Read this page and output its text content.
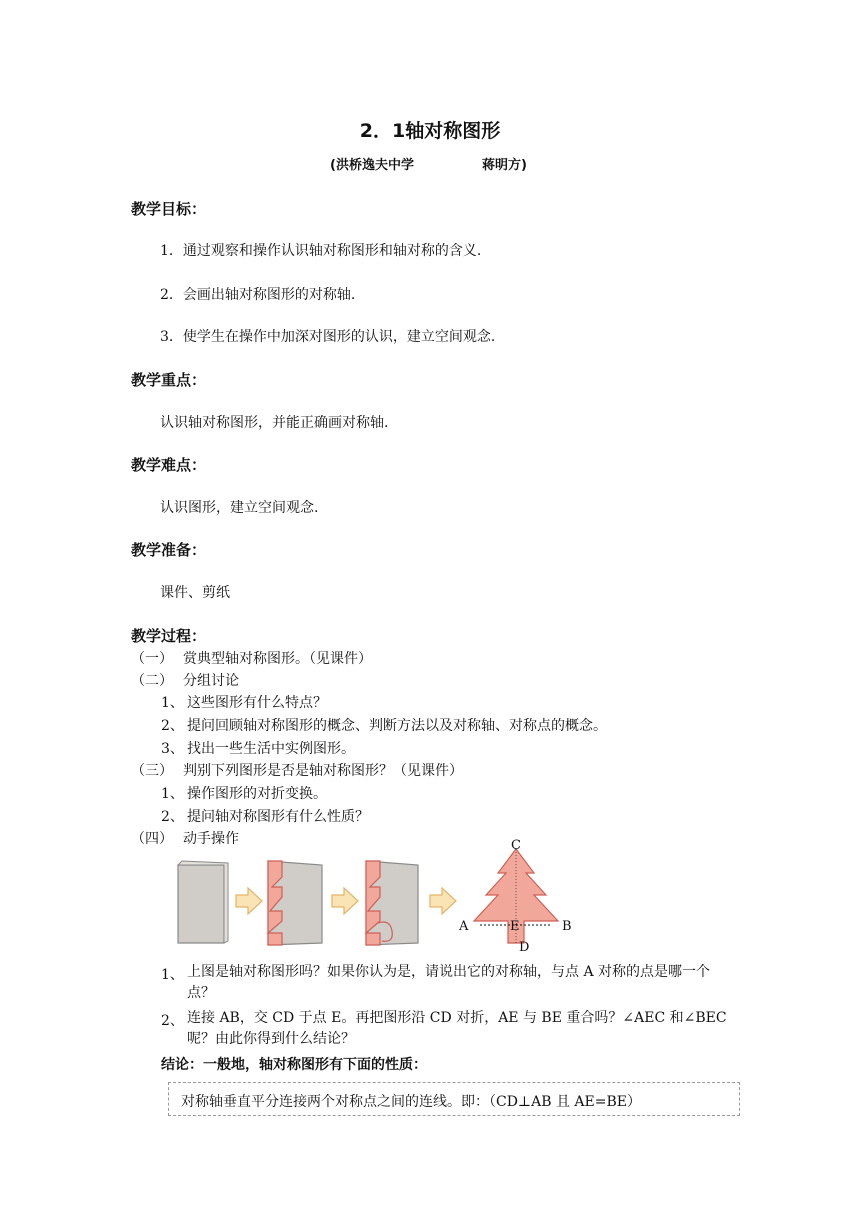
2．1轴对称图形
(洪桥逸夫中学	蒋明方)
教学目标：
1．通过观察和操作认识轴对称图形和轴对称的含义.
2．会画出轴对称图形的对称轴.
3．使学生在操作中加深对图形的认识，建立空间观念.
教学重点：
认识轴对称图形，并能正确画对称轴.
教学难点：
认识图形，建立空间观念.
教学准备：
课件、剪纸
教学过程：
（一） 赏典型轴对称图形。（见课件）
（二） 分组讨论
1、 这些图形有什么特点？
2、 提问回顾轴对称图形的概念、判断方法以及对称轴、对称点的概念。
3、 找出一些生活中实例图形。
（三） 判别下列图形是否是轴对称图形？（见课件）
1、 操作图形的对折变换。
2、 提问轴对称图形有什么性质？
（四） 动手操作	C
A	E	B
D
1、 上图是轴对称图形吗？如果你认为是，请说出它的对称轴，与点 A 对称的点是哪一个点？
2、 连接 AB，交 CD 于点 E。再把图形沿 CD 对折，AE 与 BE 重合吗？∠AEC 和∠BEC 呢？由此你得到什么结论？
结论：一般地，轴对称图形有下面的性质：
对称轴垂直平分连接两个对称点之间的连线。即：（CD⊥AB 且 AE=BE）
